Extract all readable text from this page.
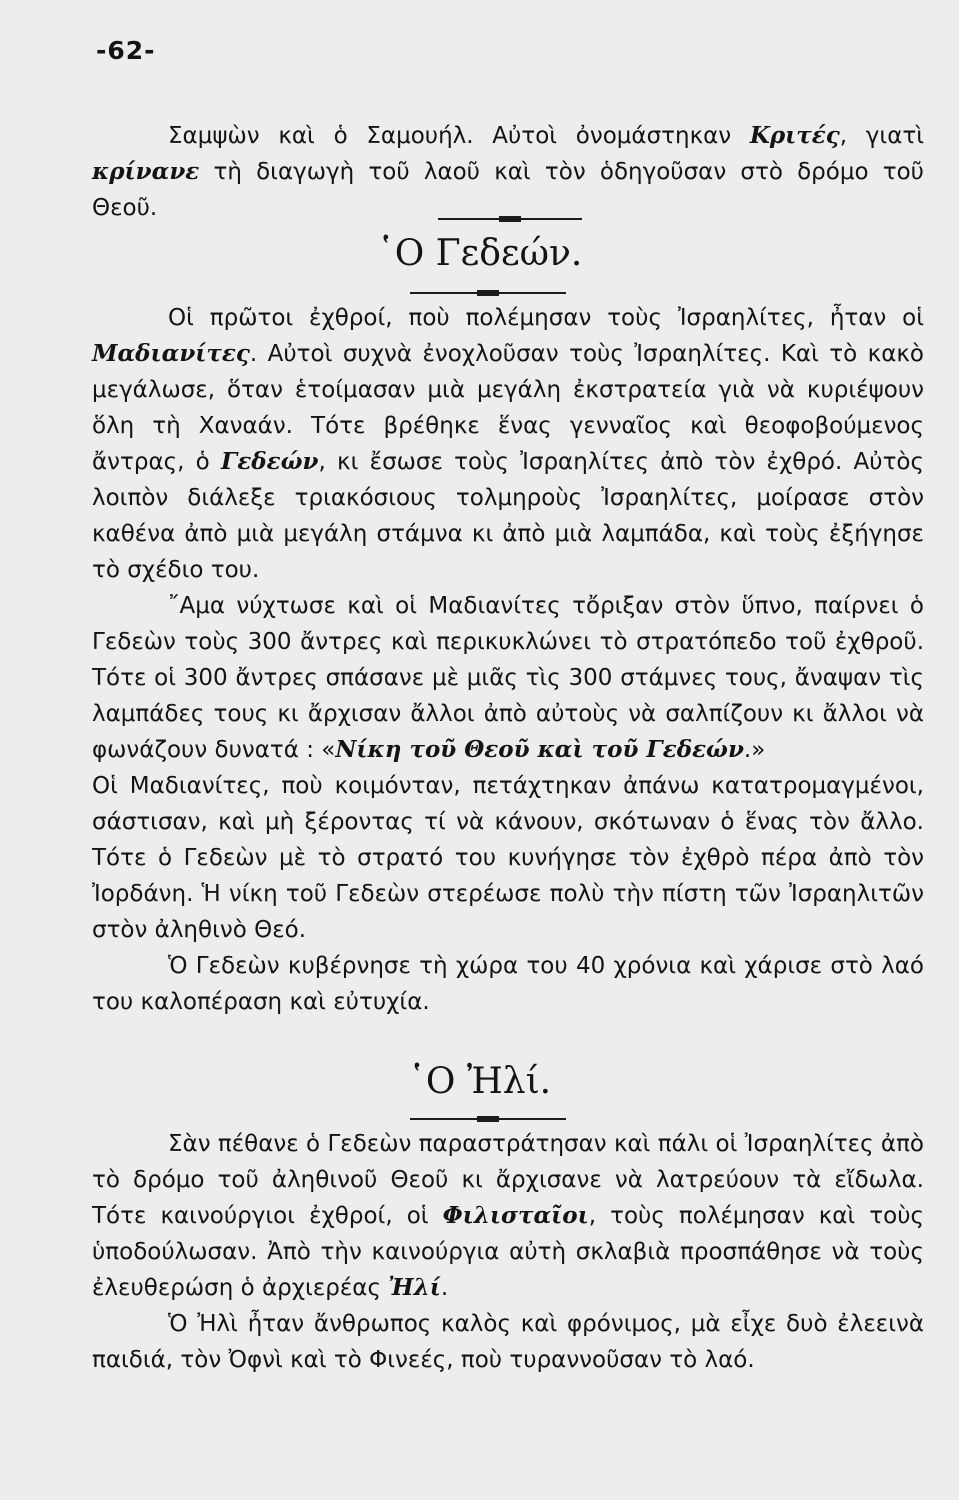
-62-

Σαμψὼν καὶ ὁ Σαμουήλ. Αὐτοὶ ὀνομάστηκαν Κριτές, γιατὶ κρίνανε τὴ διαγωγὴ τοῦ λαοῦ καὶ τὸν ὁδηγοῦσαν στὸ δρόμο τοῦ Θεοῦ.

῾Ο Γεδεών.

Οἱ πρῶτοι ἐχθροί, ποὺ πολέμησαν τοὺς Ἰσραηλίτες, ἦταν οἱ Μαδιανίτες. Αὐτοὶ συχνὰ ἐνοχλοῦσαν τοὺς Ἰσραηλίτες. Καὶ τὸ κακὸ μεγάλωσε, ὅταν ἑτοίμασαν μιὰ μεγάλη ἐκστρατεία γιὰ νὰ κυριέψουν ὅλη τὴ Χαναάν. Τότε βρέθηκε ἕνας γενναῖος καὶ θεοφοβούμενος ἄντρας, ὁ Γεδεών, κι ἔσωσε τοὺς Ἰσραηλίτες ἀπὸ τὸν ἐχθρό. Αὐτὸς λοιπὸν διάλεξε τριακόσιους τολμηροὺς Ἰσραηλίτες, μοίρασε στὸν καθένα ἀπὸ μιὰ μεγάλη στάμνα κι ἀπὸ μιὰ λαμπάδα, καὶ τοὺς ἐξήγησε τὸ σχέδιο του.

῎Αμα νύχτωσε καὶ οἱ Μαδιανίτες τὄριξαν στὸν ὕπνο, παίρνει ὁ Γεδεὼν τοὺς 300 ἄντρες καὶ περικυκλώνει τὸ στρατόπεδο τοῦ ἐχθροῦ. Τότε οἱ 300 ἄντρες σπάσανε μὲ μιᾶς τὶς 300 στάμνες τους, ἄναψαν τὶς λαμπάδες τους κι ἄρχισαν ἄλλοι ἀπὸ αὐτοὺς νὰ σαλπίζουν κι ἄλλοι νὰ φωνάζουν δυνατά : «Νίκη τοῦ Θεοῦ καὶ τοῦ Γεδεών.»

Οἱ Μαδιανίτες, ποὺ κοιμόνταν, πετάχτηκαν ἀπάνω κατατρομαγμένοι, σάστισαν, καὶ μὴ ξέροντας τί νὰ κάνουν, σκότωναν ὁ ἕνας τὸν ἄλλο. Τότε ὁ Γεδεὼν μὲ τὸ στρατό του κυνήγησε τὸν ἐχθρὸ πέρα ἀπὸ τὸν Ἰορδάνη. Ἡ νίκη τοῦ Γεδεὼν στερέωσε πολὺ τὴν πίστη τῶν Ἰσραηλιτῶν στὸν ἀληθινὸ Θεό.

Ὁ Γεδεὼν κυβέρνησε τὴ χώρα του 40 χρόνια καὶ χάρισε στὸ λαό του καλοπέραση καὶ εὐτυχία.

῾Ο Ἠλί.

Σὰν πέθανε ὁ Γεδεὼν παραστράτησαν καὶ πάλι οἱ Ἰσραηλίτες ἀπὸ τὸ δρόμο τοῦ ἀληθινοῦ Θεοῦ κι ἄρχισανε νὰ λατρεύουν τὰ εἴδωλα. Τότε καινούργιοι ἐχθροί, οἱ Φιλισταῖοι, τοὺς πολέμησαν καὶ τοὺς ὑποδούλωσαν. Ἀπὸ τὴν καινούργια αὐτὴ σκλαβιὰ προσπάθησε νὰ τοὺς ἐλευθερώση ὁ ἀρχιερέας Ἠλί.

Ὁ Ἠλὶ ἦταν ἄνθρωπος καλὸς καὶ φρόνιμος, μὰ εἶχε δυὸ ἐλεεινὰ παιδιά, τὸν Ὀφνὶ καὶ τὸ Φινεές, ποὺ τυραννοῦσαν τὸ λαό.
